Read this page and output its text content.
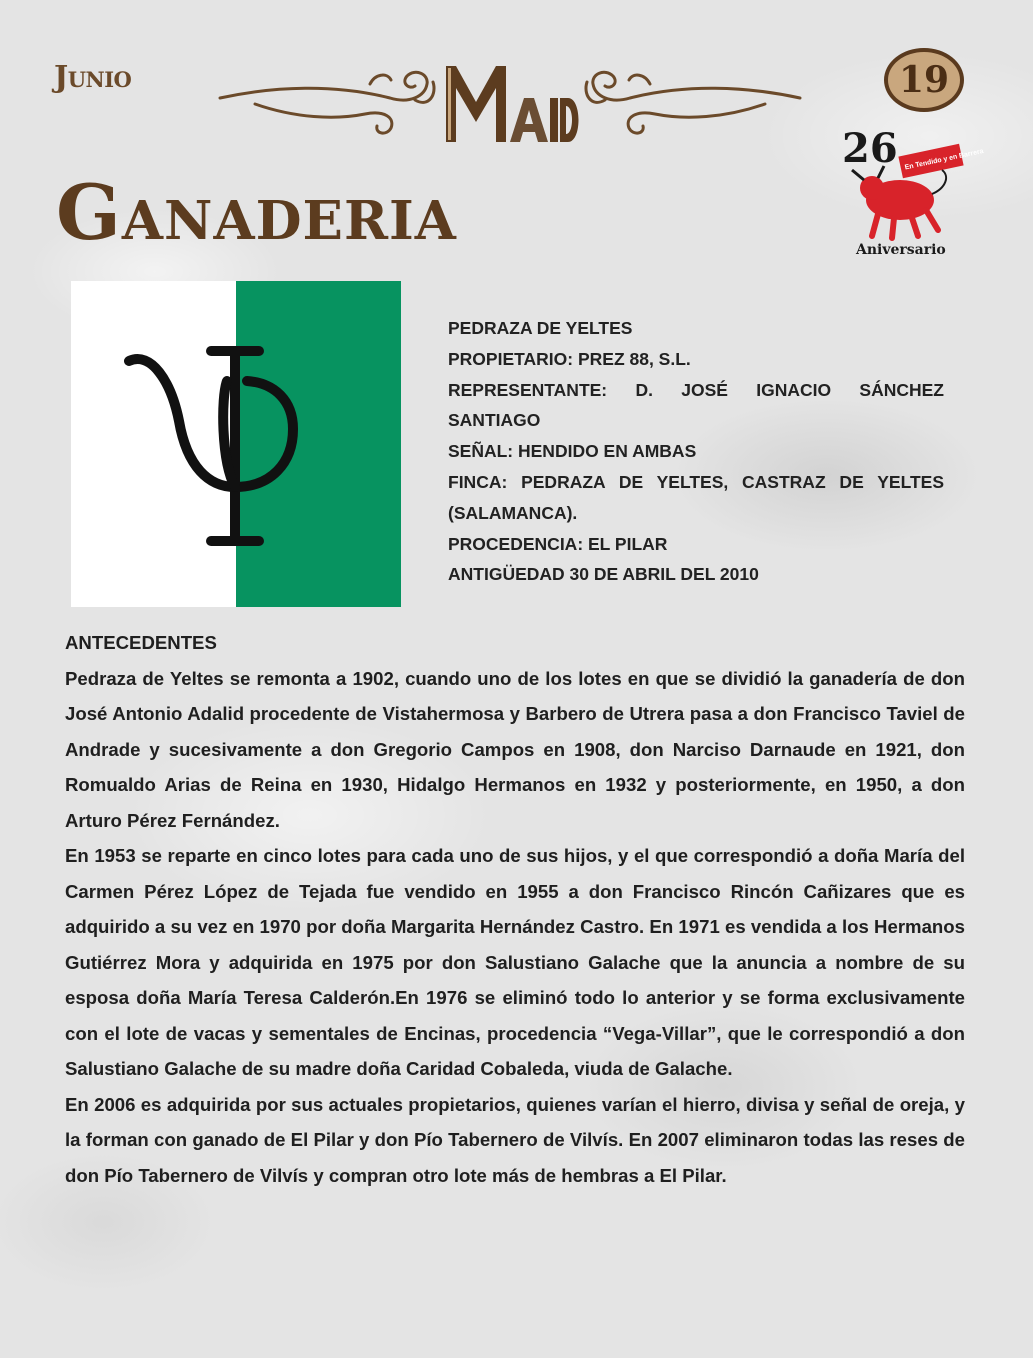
Junio	19
26 En Tendido y en Barrera
Aniversario
Ganaderia
PEDRAZA DE YELTES
PROPIETARIO: PREZ 88, S.L.
REPRESENTANTE: D. JOSÉ IGNACIO SÁNCHEZ SANTIAGO
SEÑAL: HENDIDO EN AMBAS
FINCA: PEDRAZA DE YELTES, CASTRAZ DE YELTES (SALAMANCA).
PROCEDENCIA: EL PILAR
ANTIGÜEDAD 30 DE ABRIL DEL 2010

ANTECEDENTES

Pedraza de Yeltes se remonta a 1902, cuando uno de los lotes en que se dividió la ganadería de don José Antonio Adalid procedente de Vistahermosa y Barbero de Utrera pasa a don Francisco Taviel de Andrade y sucesivamente a don Gregorio Campos en 1908, don Narciso Darnaude en 1921, don Romualdo Arias de Reina en 1930, Hidalgo Hermanos en 1932 y posteriormente, en 1950, a don Arturo Pérez Fernández.

En 1953 se reparte en cinco lotes para cada uno de sus hijos, y el que correspondió a doña María del Carmen Pérez López de Tejada fue vendido en 1955 a don Francisco Rincón Cañizares que es adquirido a su vez en 1970 por doña Margarita Hernández Castro. En 1971 es vendida a los Hermanos Gutiérrez Mora y adquirida en 1975 por don Salustiano Galache que la anuncia a nombre de su esposa doña María Teresa Calderón.En 1976 se eliminó todo lo anterior y se forma exclusivamente con el lote de vacas y sementales de Encinas, procedencia “Vega-Villar”, que le correspondió a don Salustiano Galache de su madre doña Caridad Cobaleda, viuda de Galache.

En 2006 es adquirida por sus actuales propietarios, quienes varían el hierro, divisa y señal de oreja, y la forman con ganado de El Pilar y don Pío Tabernero de Vilvís. En 2007 eliminaron todas las reses de don Pío Tabernero de Vilvís y compran otro lote más de hembras a El Pilar.
